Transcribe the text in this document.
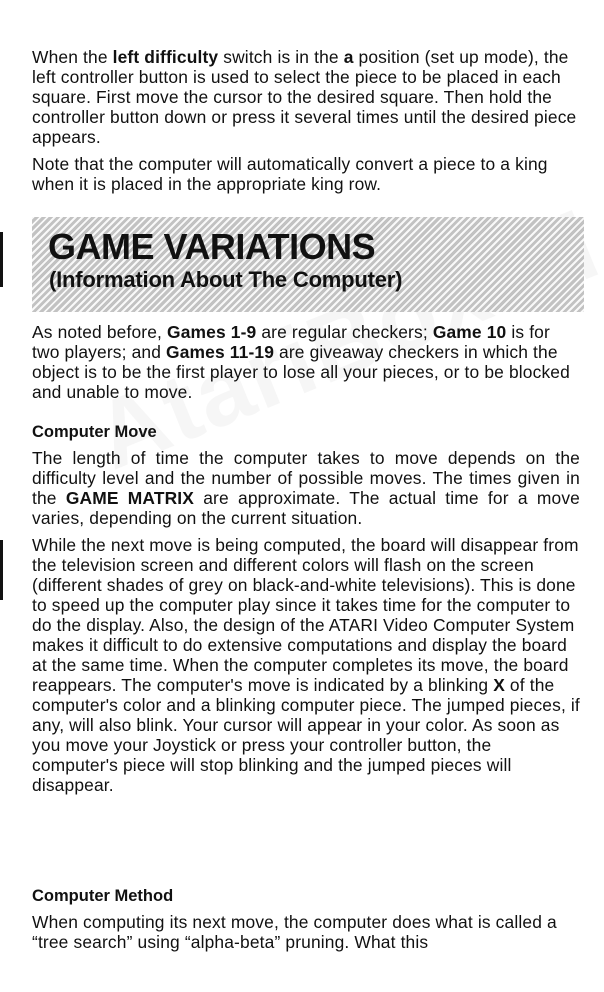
When the left difficulty switch is in the a position (set up mode), the left controller button is used to select the piece to be placed in each square. First move the cursor to the desired square. Then hold the controller button down or press it several times until the desired piece appears.

Note that the computer will automatically convert a piece to a king when it is placed in the appropriate king row.

GAME VARIATIONS
(Information About The Computer)

As noted before, Games 1-9 are regular checkers; Game 10 is for two players; and Games 11-19 are giveaway checkers in which the object is to be the first player to lose all your pieces, or to be blocked and unable to move.

Computer Move

The length of time the computer takes to move depends on the difficulty level and the number of possible moves. The times given in the GAME MATRIX are approximate. The actual time for a move varies, depending on the current situation.

While the next move is being computed, the board will disappear from the television screen and different colors will flash on the screen (different shades of grey on black-and-white televisions). This is done to speed up the computer play since it takes time for the computer to do the display. Also, the design of the ATARI Video Computer System makes it difficult to do extensive computations and display the board at the same time. When the computer completes its move, the board reappears. The computer's move is indicated by a blinking X of the computer's color and a blinking computer piece. The jumped pieces, if any, will also blink. Your cursor will appear in your color. As soon as you move your Joystick or press your controller button, the computer's piece will stop blinking and the jumped pieces will disappear.

Computer Method

When computing its next move, the computer does what is called a “tree search” using “alpha-beta” pruning. What this
